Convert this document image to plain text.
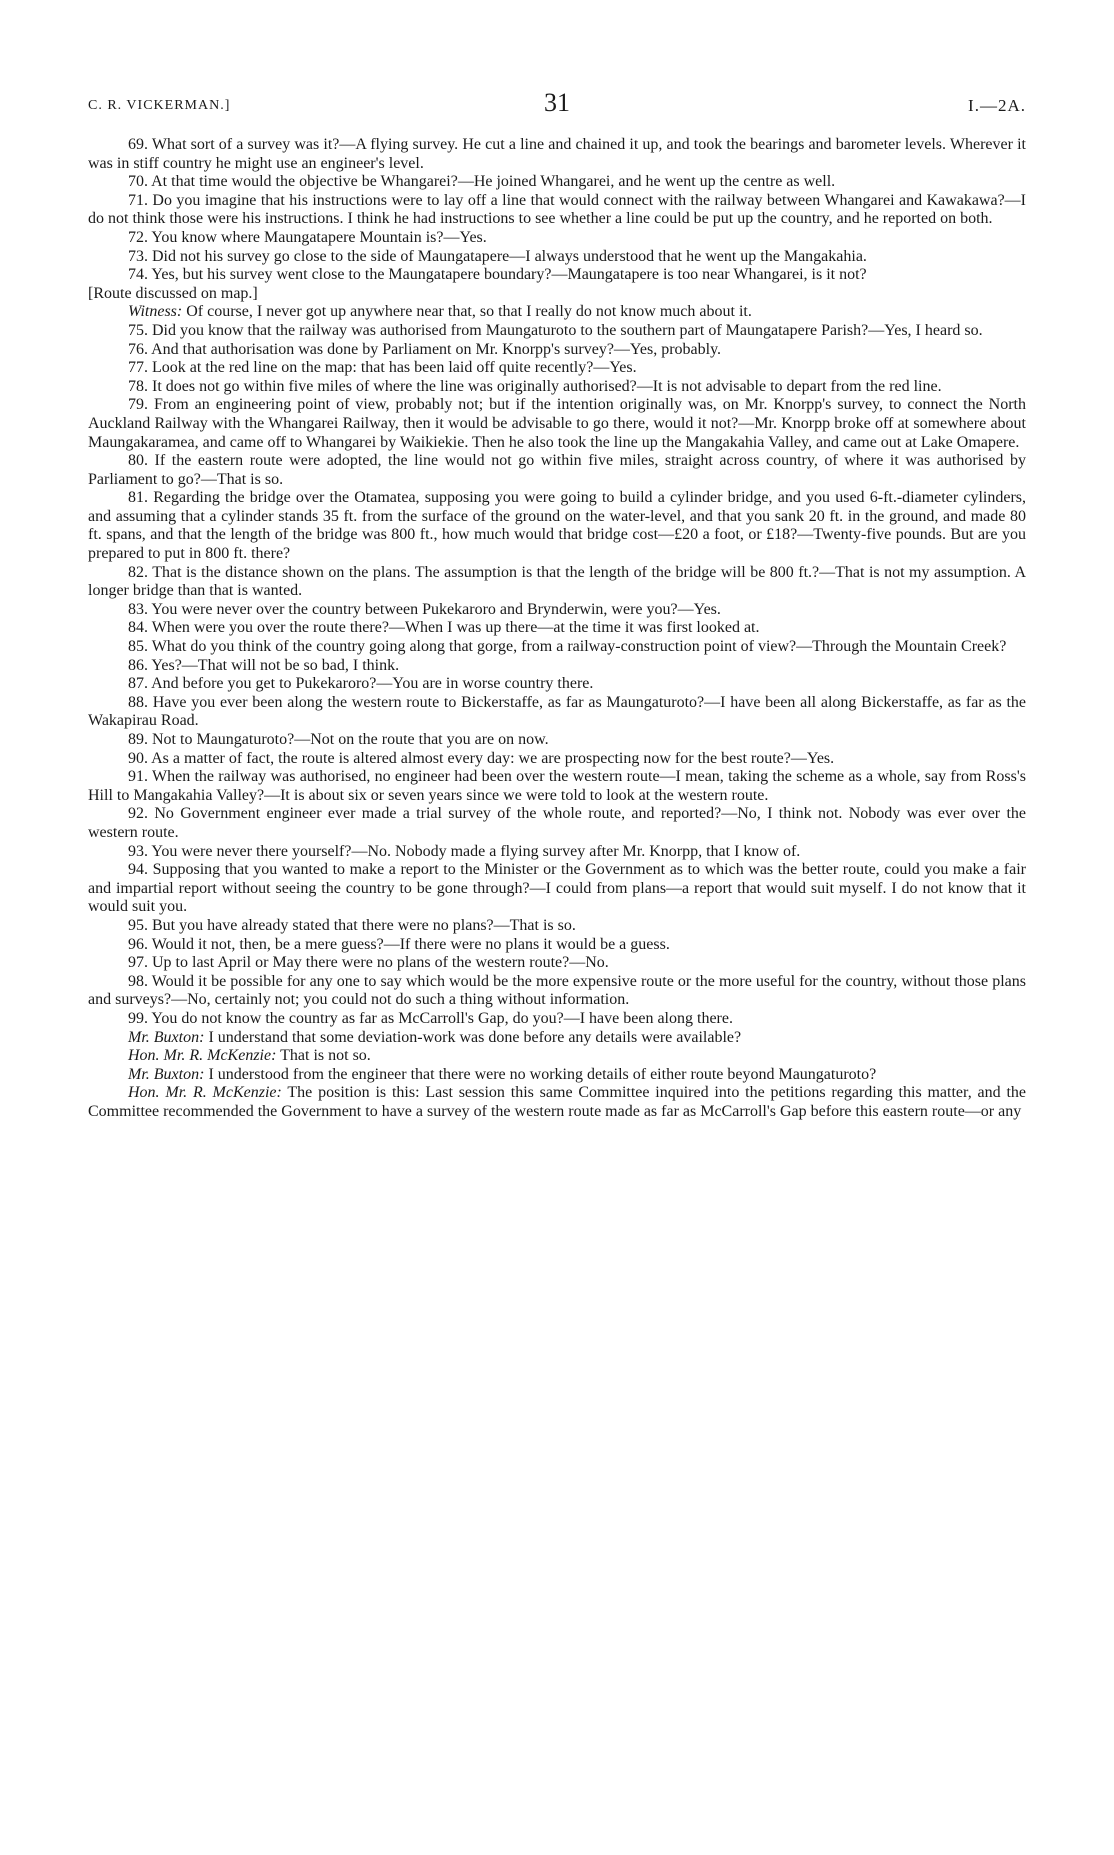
C. R. VICKERMAN.]	31	I.—2A.

69. What sort of a survey was it?—A flying survey. He cut a line and chained it up, and took the bearings and barometer levels. Wherever it was in stiff country he might use an engineer's level.

70. At that time would the objective be Whangarei?—He joined Whangarei, and he went up the centre as well.

71. Do you imagine that his instructions were to lay off a line that would connect with the railway between Whangarei and Kawakawa?—I do not think those were his instructions. I think he had instructions to see whether a line could be put up the country, and he reported on both.

72. You know where Maungatapere Mountain is?—Yes.

73. Did not his survey go close to the side of Maungatapere—I always understood that he went up the Mangakahia.

74. Yes, but his survey went close to the Maungatapere boundary?—Maungatapere is too near Whangarei, is it not?

[Route discussed on map.]

Witness: Of course, I never got up anywhere near that, so that I really do not know much about it.

75. Did you know that the railway was authorised from Maungaturoto to the southern part of Maungatapere Parish?—Yes, I heard so.

76. And that authorisation was done by Parliament on Mr. Knorpp's survey?—Yes, probably.

77. Look at the red line on the map: that has been laid off quite recently?—Yes.

78. It does not go within five miles of where the line was originally authorised?—It is not advisable to depart from the red line.

79. From an engineering point of view, probably not; but if the intention originally was, on Mr. Knorpp's survey, to connect the North Auckland Railway with the Whangarei Railway, then it would be advisable to go there, would it not?—Mr. Knorpp broke off at somewhere about Maungakaramea, and came off to Whangarei by Waikiekie. Then he also took the line up the Mangakahia Valley, and came out at Lake Omapere.

80. If the eastern route were adopted, the line would not go within five miles, straight across country, of where it was authorised by Parliament to go?—That is so.

81. Regarding the bridge over the Otamatea, supposing you were going to build a cylinder bridge, and you used 6-ft.-diameter cylinders, and assuming that a cylinder stands 35 ft. from the surface of the ground on the water-level, and that you sank 20 ft. in the ground, and made 80 ft. spans, and that the length of the bridge was 800 ft., how much would that bridge cost—£20 a foot, or £18?—Twenty-five pounds. But are you prepared to put in 800 ft. there?

82. That is the distance shown on the plans. The assumption is that the length of the bridge will be 800 ft.?—That is not my assumption. A longer bridge than that is wanted.

83. You were never over the country between Pukekaroro and Brynderwin, were you?—Yes.

84. When were you over the route there?—When I was up there—at the time it was first looked at.

85. What do you think of the country going along that gorge, from a railway-construction point of view?—Through the Mountain Creek?

86. Yes?—That will not be so bad, I think.

87. And before you get to Pukekaroro?—You are in worse country there.

88. Have you ever been along the western route to Bickerstaffe, as far as Maungaturoto?—I have been all along Bickerstaffe, as far as the Wakapirau Road.

89. Not to Maungaturoto?—Not on the route that you are on now.

90. As a matter of fact, the route is altered almost every day: we are prospecting now for the best route?—Yes.

91. When the railway was authorised, no engineer had been over the western route—I mean, taking the scheme as a whole, say from Ross's Hill to Mangakahia Valley?—It is about six or seven years since we were told to look at the western route.

92. No Government engineer ever made a trial survey of the whole route, and reported?—No, I think not. Nobody was ever over the western route.

93. You were never there yourself?—No. Nobody made a flying survey after Mr. Knorpp, that I know of.

94. Supposing that you wanted to make a report to the Minister or the Government as to which was the better route, could you make a fair and impartial report without seeing the country to be gone through?—I could from plans—a report that would suit myself. I do not know that it would suit you.

95. But you have already stated that there were no plans?—That is so.

96. Would it not, then, be a mere guess?—If there were no plans it would be a guess.

97. Up to last April or May there were no plans of the western route?—No.

98. Would it be possible for any one to say which would be the more expensive route or the more useful for the country, without those plans and surveys?—No, certainly not; you could not do such a thing without information.

99. You do not know the country as far as McCarroll's Gap, do you?—I have been along there.

Mr. Buxton: I understand that some deviation-work was done before any details were available?

Hon. Mr. R. McKenzie: That is not so.

Mr. Buxton: I understood from the engineer that there were no working details of either route beyond Maungaturoto?

Hon. Mr. R. McKenzie: The position is this: Last session this same Committee inquired into the petitions regarding this matter, and the Committee recommended the Government to have a survey of the western route made as far as McCarroll's Gap before this eastern route—or any
